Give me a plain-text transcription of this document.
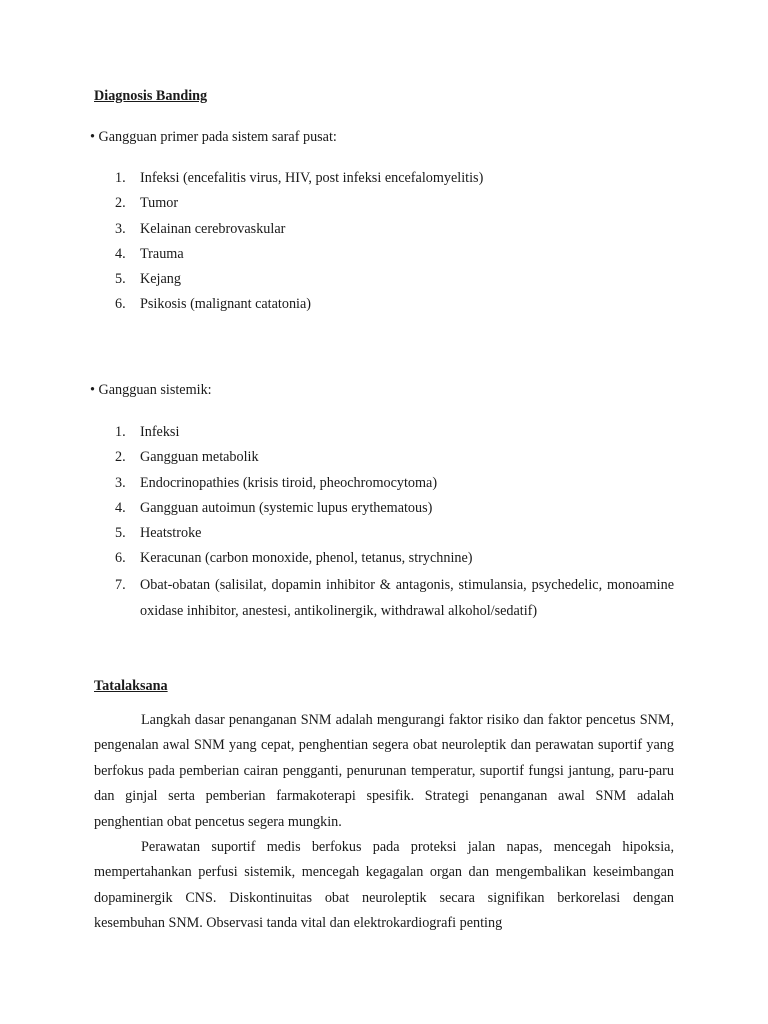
Diagnosis Banding

• Gangguan primer pada sistem saraf pusat:

1.	Infeksi (encefalitis virus, HIV, post infeksi encefalomyelitis)
2.	Tumor
3.	Kelainan cerebrovaskular
4.	Trauma
5.	Kejang
6.	Psikosis (malignant catatonia)

• Gangguan sistemik:

1.	Infeksi
2.	Gangguan metabolik
3.	Endocrinopathies (krisis tiroid, pheochromocytoma)
4.	Gangguan autoimun (systemic lupus erythematous)
5.	Heatstroke
6.	Keracunan (carbon monoxide, phenol, tetanus, strychnine)
7.	Obat-obatan (salisilat, dopamin inhibitor & antagonis, stimulansia, psychedelic, monoamine oxidase inhibitor, anestesi, antikolinergik, withdrawal alkohol/sedatif)
Tatalaksana

Langkah dasar penanganan SNM adalah mengurangi faktor risiko dan faktor pencetus SNM, pengenalan awal SNM yang cepat, penghentian segera obat neuroleptik dan perawatan suportif yang berfokus pada pemberian cairan pengganti, penurunan temperatur, suportif fungsi jantung, paru-paru dan ginjal serta pemberian farmakoterapi spesifik. Strategi penanganan awal SNM adalah penghentian obat pencetus segera mungkin.

Perawatan suportif medis berfokus pada proteksi jalan napas, mencegah hipoksia, mempertahankan perfusi sistemik, mencegah kegagalan organ dan mengembalikan keseimbangan dopaminergik CNS. Diskontinuitas obat neuroleptik secara signifikan berkorelasi dengan kesembuhan SNM. Observasi tanda vital dan elektrokardiografi penting
